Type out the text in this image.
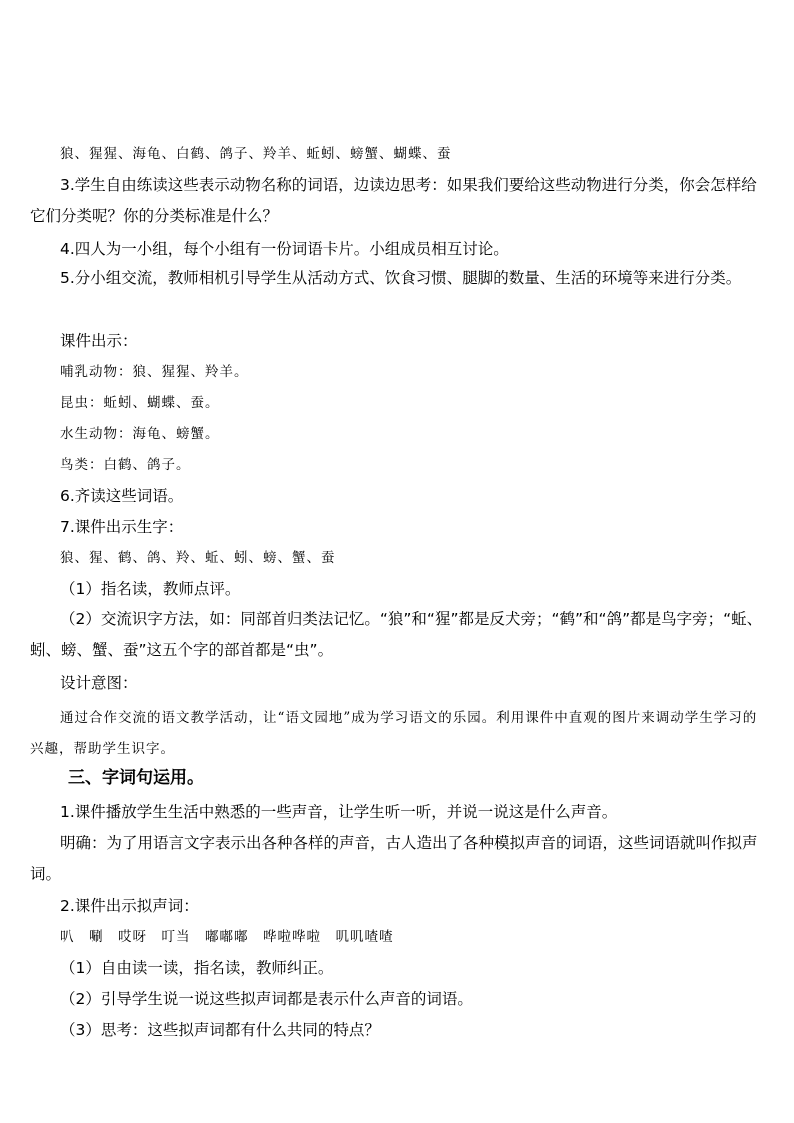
狼、猩猩、海龟、白鹤、鸽子、羚羊、蚯蚓、螃蟹、蝴蝶、蚕
3.学生自由练读这些表示动物名称的词语，边读边思考：如果我们要给这些动物进行分类，你会怎样给它们分类呢？你的分类标准是什么？
4.四人为一小组，每个小组有一份词语卡片。小组成员相互讨论。
5.分小组交流，教师相机引导学生从活动方式、饮食习惯、腿脚的数量、生活的环境等来进行分类。
课件出示：
哺乳动物：狼、猩猩、羚羊。
昆虫：蚯蚓、蝴蝶、蚕。
水生动物：海龟、螃蟹。
鸟类：白鹤、鸽子。
6.齐读这些词语。
7.课件出示生字：
狼、猩、鹤、鸽、羚、蚯、蚓、螃、蟹、蚕
（1）指名读，教师点评。
（2）交流识字方法，如：同部首归类法记忆。“狼”和“猩”都是反犬旁；“鹤”和“鸽”都是鸟字旁；“蚯、蚓、螃、蟹、蚕”这五个字的部首都是“虫”。
设计意图：
通过合作交流的语文教学活动，让“语文园地”成为学习语文的乐园。利用课件中直观的图片来调动学生学习的兴趣，帮助学生识字。
三、字词句运用。
1.课件播放学生生活中熟悉的一些声音，让学生听一听，并说一说这是什么声音。
明确：为了用语言文字表示出各种各样的声音，古人造出了各种模拟声音的词语，这些词语就叫作拟声词。
2.课件出示拟声词：
叭　唰　哎呀　叮当　嘟嘟嘟　哗啦哗啦　叽叽喳喳
（1）自由读一读，指名读，教师纠正。
（2）引导学生说一说这些拟声词都是表示什么声音的词语。
（3）思考：这些拟声词都有什么共同的特点？
